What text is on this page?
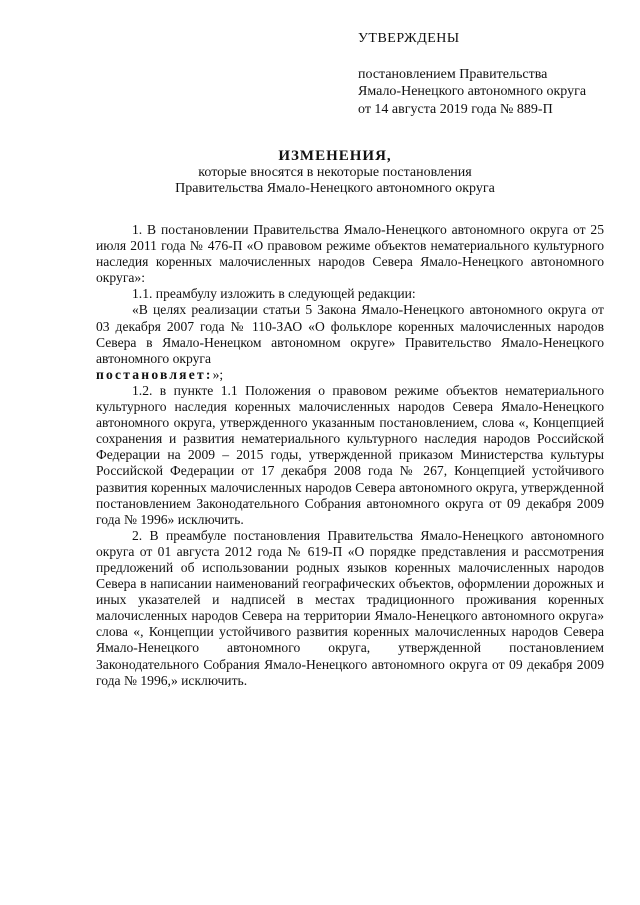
УТВЕРЖДЕНЫ
постановлением Правительства
Ямало-Ненецкого автономного округа
от 14 августа 2019 года № 889-П
ИЗМЕНЕНИЯ,
которые вносятся в некоторые постановления
Правительства Ямало-Ненецкого автономного округа

1. В постановлении Правительства Ямало-Ненецкого автономного округа от 25 июля 2011 года № 476-П «О правовом режиме объектов нематериального культурного наследия коренных малочисленных народов Севера Ямало-Ненецкого автономного округа»:

1.1. преамбулу изложить в следующей редакции:

«В целях реализации статьи 5 Закона Ямало-Ненецкого автономного округа от 03 декабря 2007 года № 110-ЗАО «О фольклоре коренных малочисленных народов Севера в Ямало-Ненецком автономном округе» Правительство Ямало-Ненецкого автономного округа

постановляет:»;

1.2. в пункте 1.1 Положения о правовом режиме объектов нематериального культурного наследия коренных малочисленных народов Севера Ямало-Ненецкого автономного округа, утвержденного указанным постановлением, слова «, Концепцией сохранения и развития нематериального культурного наследия народов Российской Федерации на 2009 – 2015 годы, утвержденной приказом Министерства культуры Российской Федерации от 17 декабря 2008 года № 267, Концепцией устойчивого развития коренных малочисленных народов Севера автономного округа, утвержденной постановлением Законодательного Собрания автономного округа от 09 декабря 2009 года № 1996» исключить.

2. В преамбуле постановления Правительства Ямало-Ненецкого автономного округа от 01 августа 2012 года № 619-П «О порядке представления и рассмотрения предложений об использовании родных языков коренных малочисленных народов Севера в написании наименований географических объектов, оформлении дорожных и иных указателей и надписей в местах традиционного проживания коренных малочисленных народов Севера на территории Ямало-Ненецкого автономного округа» слова «, Концепции устойчивого развития коренных малочисленных народов Севера Ямало-Ненецкого автономного округа, утвержденной постановлением Законодательного Собрания Ямало-Ненецкого автономного округа от 09 декабря 2009 года № 1996,» исключить.
